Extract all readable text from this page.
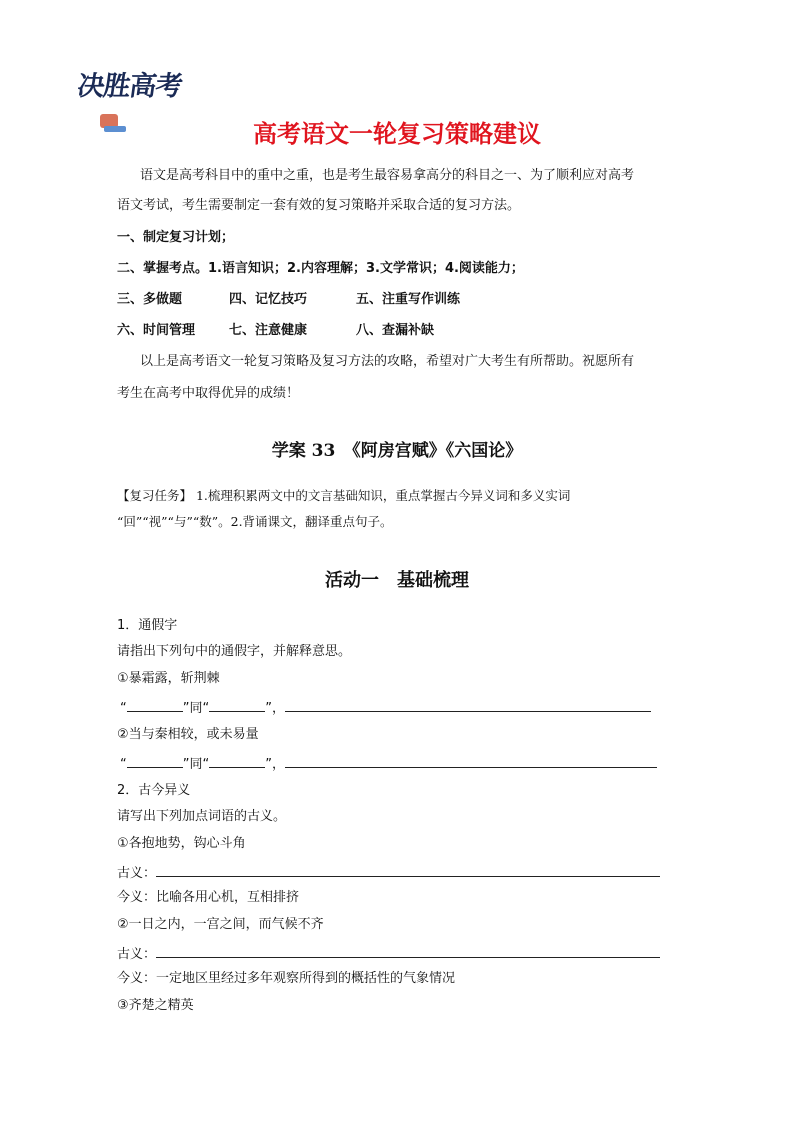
决胜高考
高考语文一轮复习策略建议
语文是高考科目中的重中之重，也是考生最容易拿高分的科目之一、为了顺利应对高考
语文考试，考生需要制定一套有效的复习策略并采取合适的复习方法。
一、制定复习计划；
二、掌握考点。1.语言知识；2.内容理解；3.文学常识；4.阅读能力；
三、多做题	四、记忆技巧	五、注重写作训练
六、时间管理	七、注意健康	八、查漏补缺
以上是高考语文一轮复习策略及复习方法的攻略，希望对广大考生有所帮助。祝愿所有
考生在高考中取得优异的成绩！
学案 33　《阿房宫赋》《六国论》
【复习任务】 1.梳理积累两文中的文言基础知识，重点掌握古今异义词和多义实词
“回”“视”“与”“数”。2.背诵课文，翻译重点句子。
活动一　基础梳理
1．通假字
请指出下列句中的通假字，并解释意思。
①暴霜露，斩荆棘
“	”同“	”，
②当与秦相较，或未易量
“	”同“	”，
2．古今异义
请写出下列加点词语的古义。
①各抱地势，钩心斗角
古义：
今义：比喻各用心机，互相排挤
②一日之内，一宫之间，而气候不齐
古义：
今义：一定地区里经过多年观察所得到的概括性的气象情况
③齐楚之精英
